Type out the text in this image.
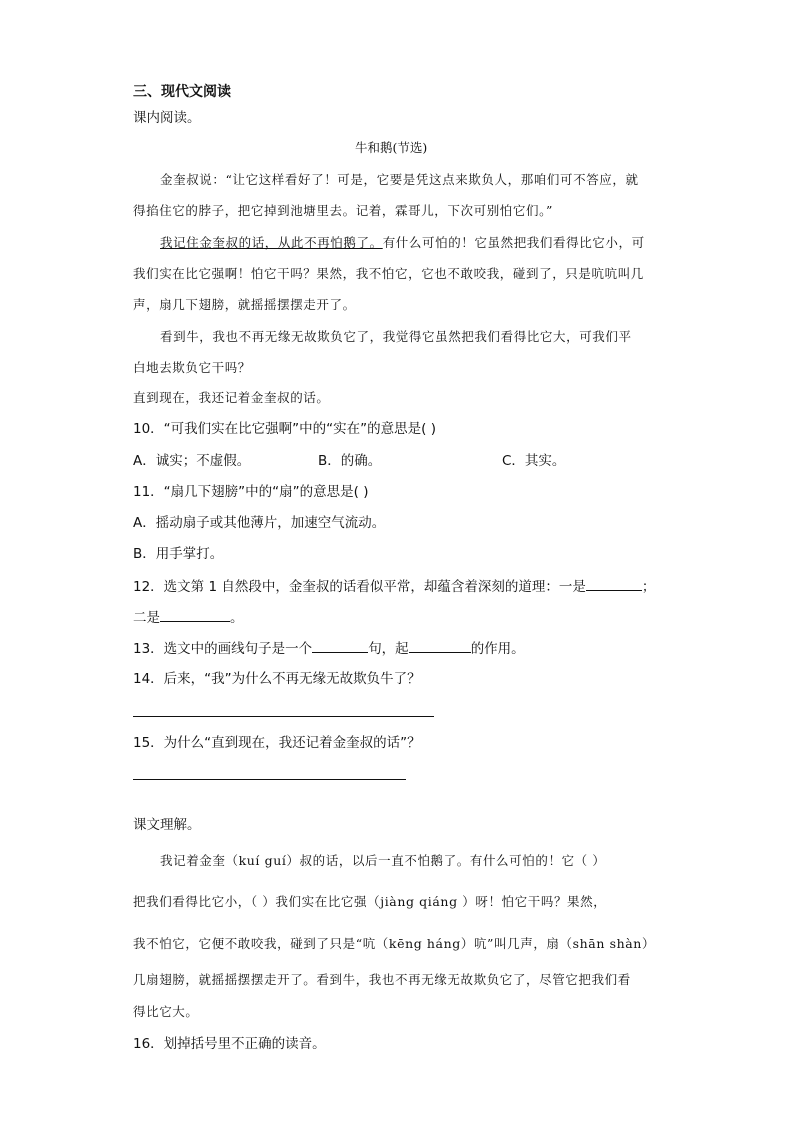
三、现代文阅读
课内阅读。
牛和鹅(节选)
金奎叔说：“让它这样看好了！可是，它要是凭这点来欺负人，那咱们可不答应，就
得掐住它的脖子，把它掉到池塘里去。记着，霖哥儿，下次可别怕它们。”
我记住金奎叔的话，从此不再怕鹅了。有什么可怕的！它虽然把我们看得比它小，可
我们实在比它强啊！怕它干吗？果然，我不怕它，它也不敢咬我，碰到了，只是吭吭叫几
声，扇几下翅膀，就摇摇摆摆走开了。
看到牛，我也不再无缘无故欺负它了，我觉得它虽然把我们看得比它大，可我们平
白地去欺负它干吗？
直到现在，我还记着金奎叔的话。
10．“可我们实在比它强啊”中的“实在”的意思是( )
A．诚实；不虚假。	B．的确。	C．其实。
11．“扇几下翅膀”中的“扇”的意思是( )
A．摇动扇子或其他薄片，加速空气流动。
B．用手掌打。
12．选文第 1 自然段中，金奎叔的话看似平常，却蕴含着深刻的道理：一是	；
二是	。
13．选文中的画线句子是一个	句，起	的作用。
14．后来，“我”为什么不再无缘无故欺负牛了？
15．为什么“直到现在，我还记着金奎叔的话”？
课文理解。
我记着金奎（kuí guí）叔的话，以后一直不怕鹅了。有什么可怕的！它（ ）
把我们看得比它小，（ ）我们实在比它强（jiàng qiáng ）呀！怕它干吗？果然，
我不怕它，它便不敢咬我，碰到了只是“吭（kēng háng）吭”叫几声，扇（shān shàn）
几扇翅膀，就摇摇摆摆走开了。看到牛，我也不再无缘无故欺负它了，尽管它把我们看
得比它大。
16．划掉括号里不正确的读音。
